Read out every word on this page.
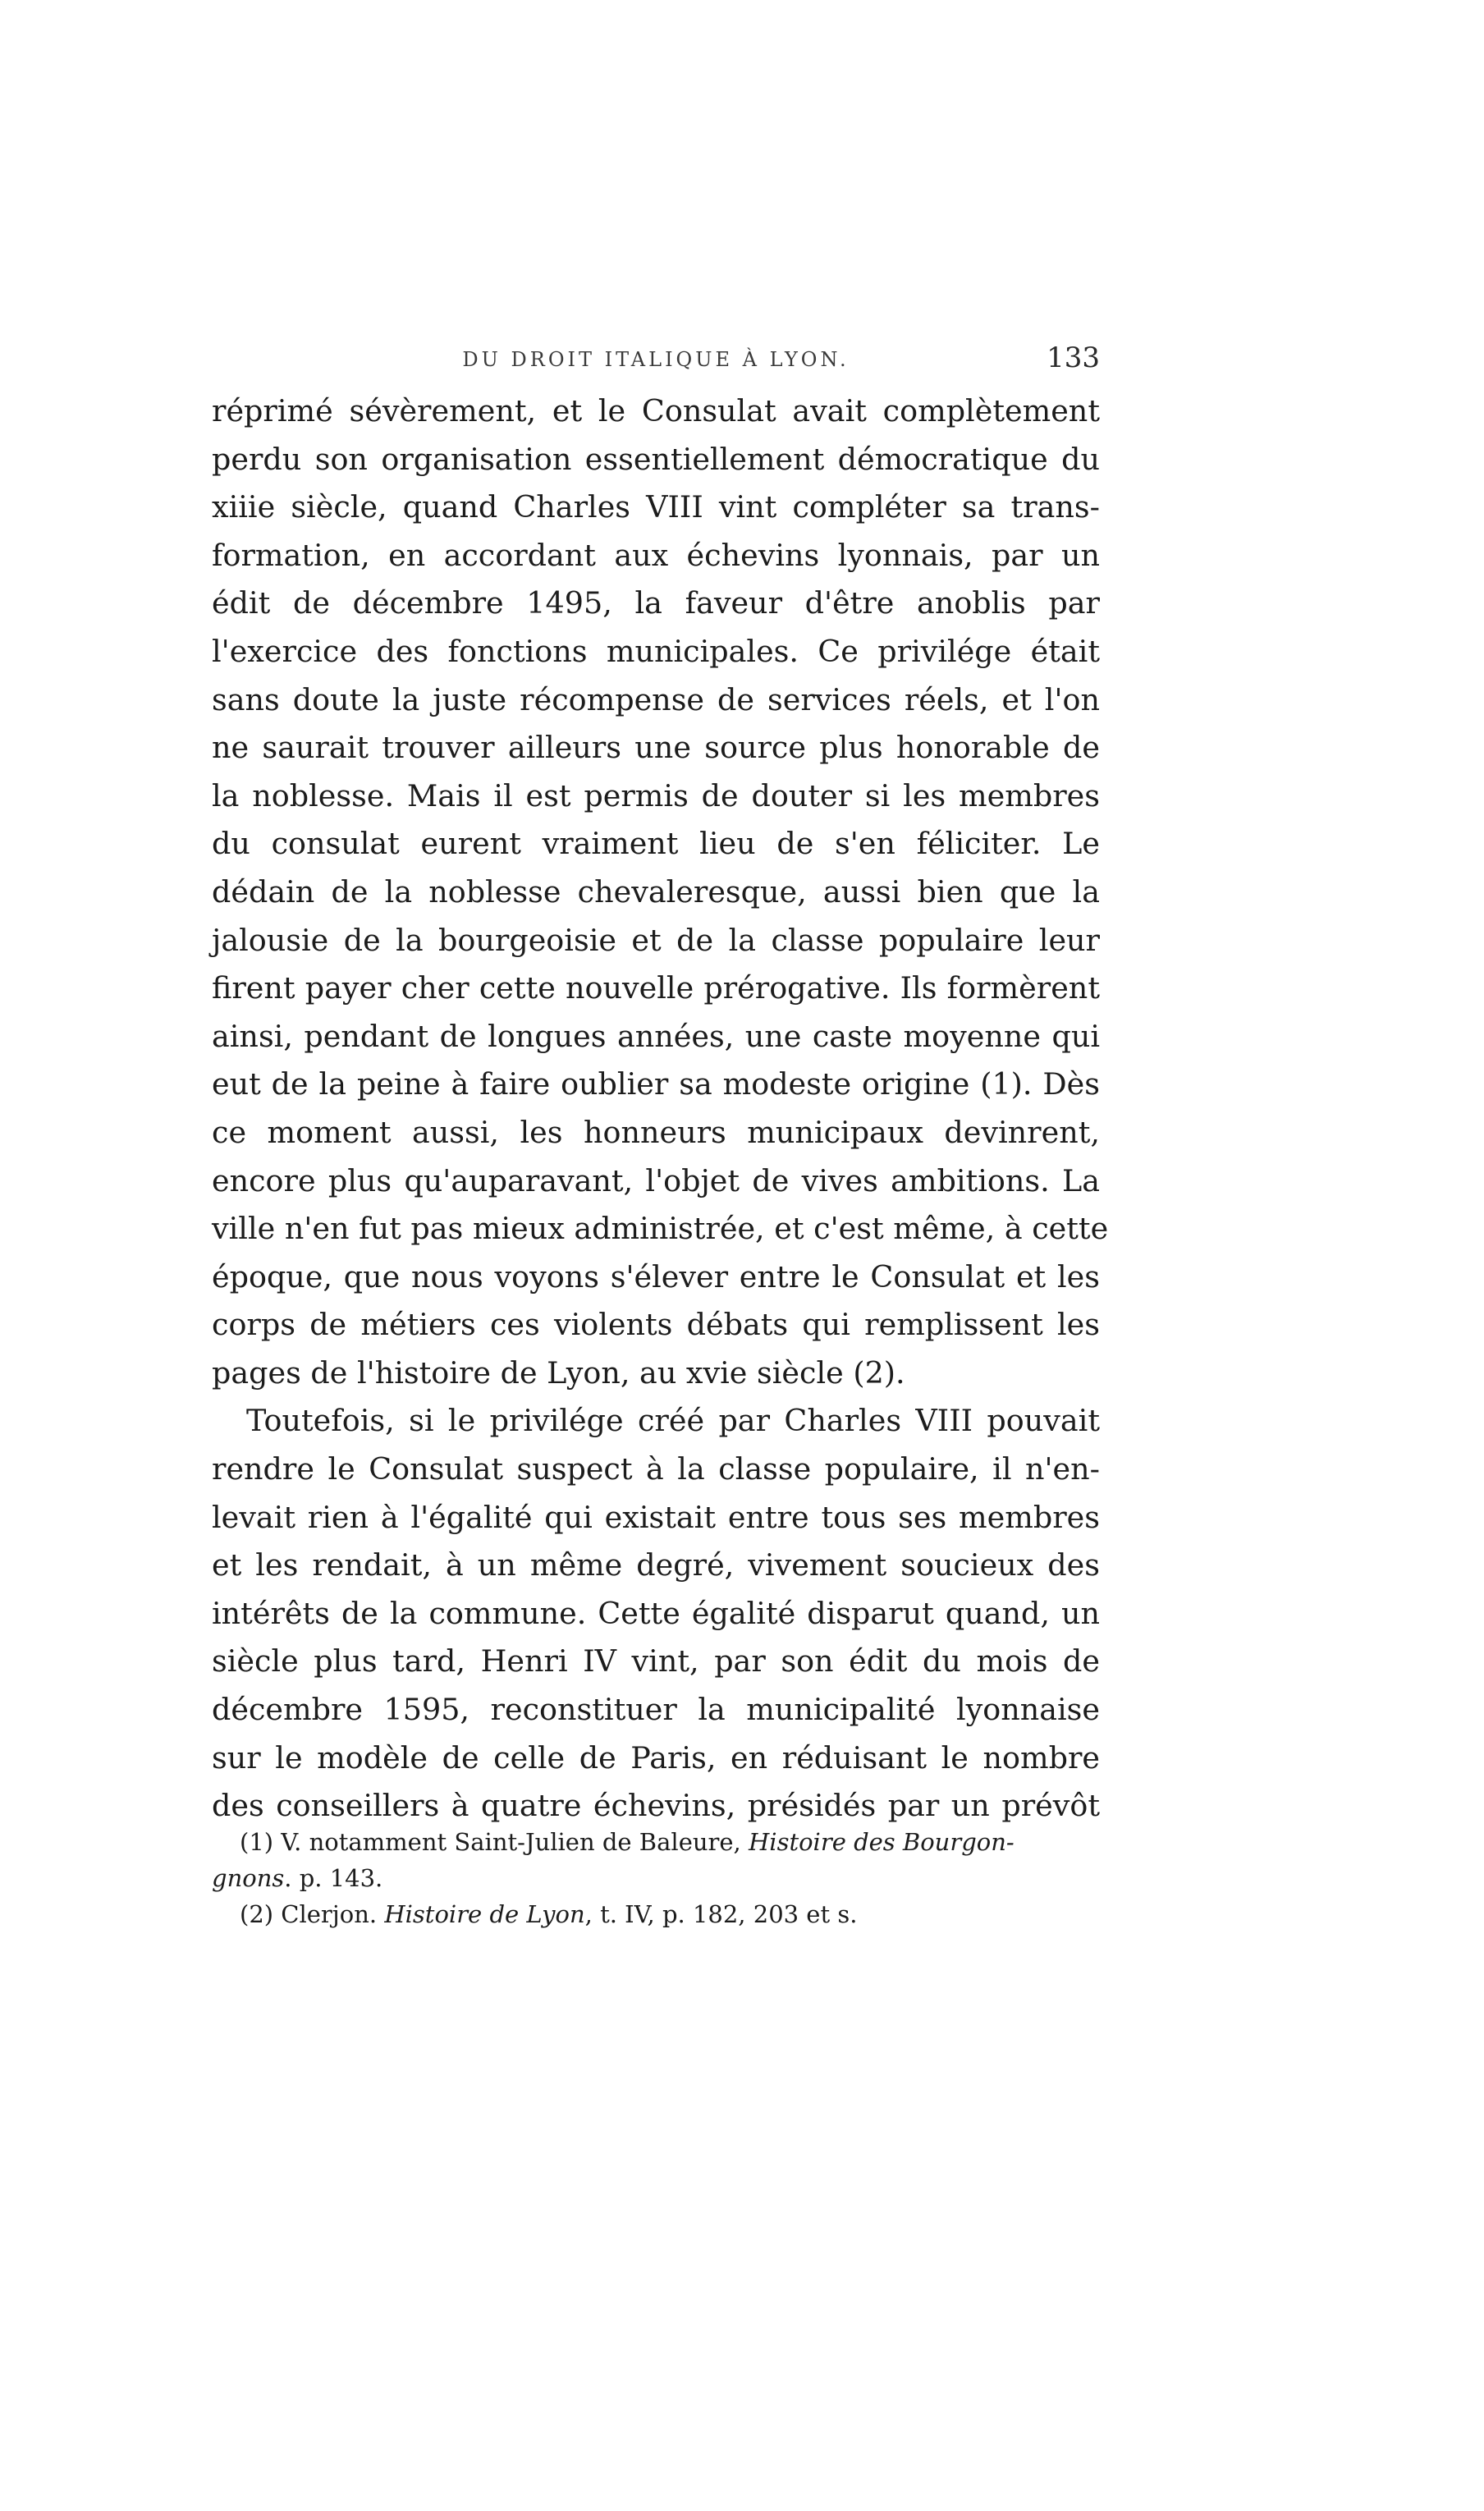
DU DROIT ITALIQUE À LYON.	133
réprimé sévèrement, et le Consulat avait complètement
perdu son organisation essentiellement démocratique du
xiiie siècle, quand Charles VIII vint compléter sa trans-
formation, en accordant aux échevins lyonnais, par un
édit de décembre 1495, la faveur d'être anoblis par
l'exercice des fonctions municipales. Ce privilége était
sans doute la juste récompense de services réels, et l'on
ne saurait trouver ailleurs une source plus honorable de
la noblesse. Mais il est permis de douter si les membres
du consulat eurent vraiment lieu de s'en féliciter. Le
dédain de la noblesse chevaleresque, aussi bien que la
jalousie de la bourgeoisie et de la classe populaire leur
firent payer cher cette nouvelle prérogative. Ils formèrent
ainsi, pendant de longues années, une caste moyenne qui
eut de la peine à faire oublier sa modeste origine (1). Dès
ce moment aussi, les honneurs municipaux devinrent,
encore plus qu'auparavant, l'objet de vives ambitions. La
ville n'en fut pas mieux administrée, et c'est même, à cette
époque, que nous voyons s'élever entre le Consulat et les
corps de métiers ces violents débats qui remplissent les
pages de l'histoire de Lyon, au xvie siècle (2).
Toutefois, si le privilége créé par Charles VIII pouvait
rendre le Consulat suspect à la classe populaire, il n'en-
levait rien à l'égalité qui existait entre tous ses membres
et les rendait, à un même degré, vivement soucieux des
intérêts de la commune. Cette égalité disparut quand, un
siècle plus tard, Henri IV vint, par son édit du mois de
décembre 1595, reconstituer la municipalité lyonnaise
sur le modèle de celle de Paris, en réduisant le nombre
des conseillers à quatre échevins, présidés par un prévôt
(1) V. notamment Saint-Julien de Baleure, Histoire des Bourgon-
gnons. p. 143.
(2) Clerjon. Histoire de Lyon, t. IV, p. 182, 203 et s.
